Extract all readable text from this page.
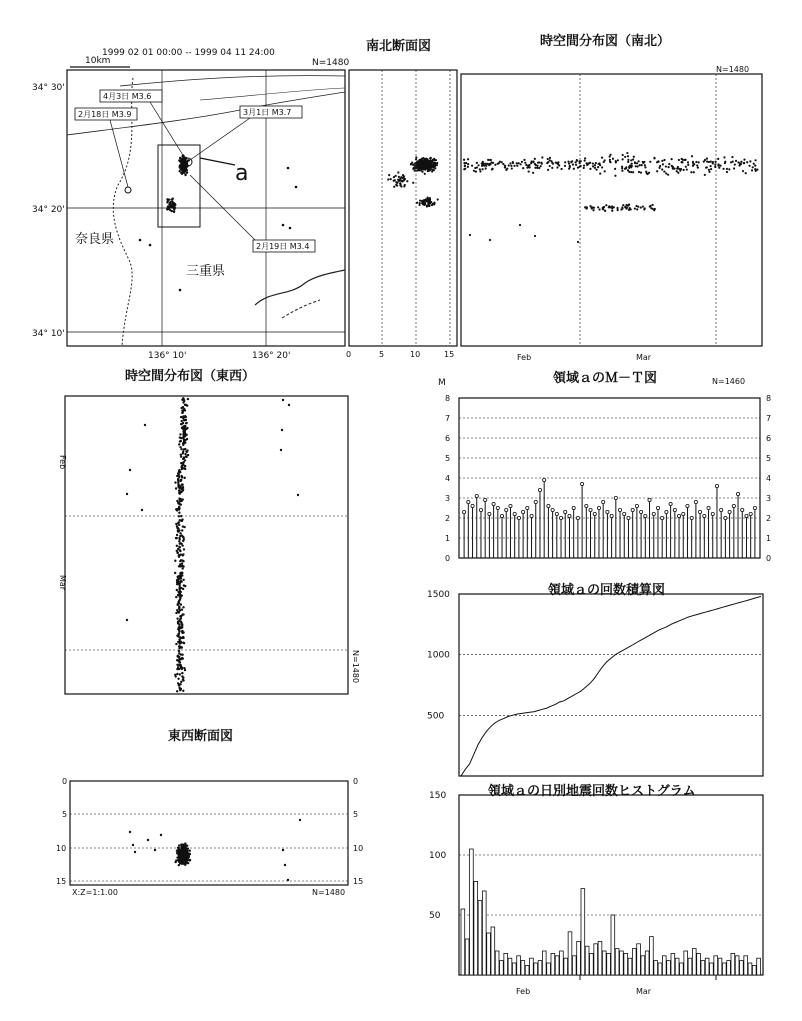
1999 02 01 00:00 -- 1999 04 11 24:00
10km	N=1480
a
4月3日 M3.6
2月18日 M3.9	3月1日 M3.7
2月19日 M3.4
奈良県
三重県
34° 30'
34° 20'
34° 10'
136° 10'	136° 20'
南北断面図
0	5	10	15
時空間分布図（南北）
N=1480
Feb	Mar
時空間分布図（東西）
Feb
Mar
N=1480
東西断面図
0
5
10
15
0
5
10
15
X:Z=1:1.00	N=1480
M	領域ａのＭ－Ｔ図	N=1460
0	0
1	1
2	2
3	3
4	4
5	5
6	6
7	7
8	8
領域ａの回数積算図
500
1000
1500
領域ａの日別地震回数ヒストグラム
50
100
150
Feb	Mar
